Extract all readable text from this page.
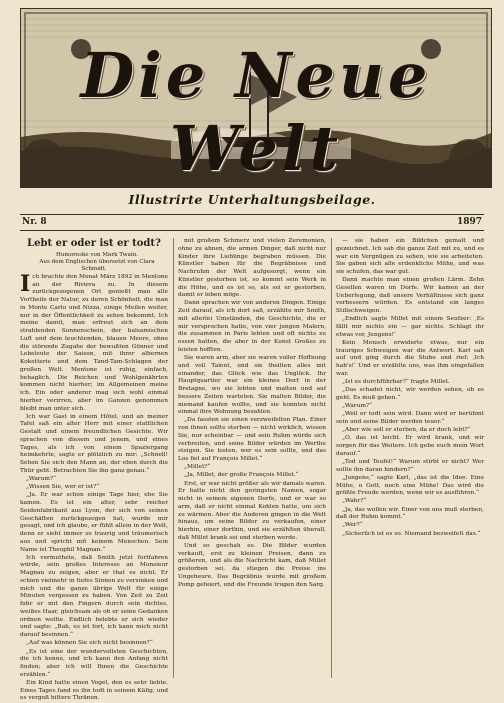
Die Neue Welt
Illustrirte Unterhaltungsbeilage.
Nr. 8	1897
Lebt er oder ist er todt?

Humoreske von Mark Twain.

Aus dem Englischen übersetzt von Clara Schmidt.

Ich brachte den Monat März 1892 in Mentone an der Riviera zu. In diesem zurückgezogenen Ort genießt man alle Vortheile der Natur, zu deren Schönheit, die man in Monte Carlo und Nizza, einige Meilen weiter, nur in der Öffentlichkeit zu sehen bekommt. Ich meine damit, man erfreut sich an dem strahlenden Sonnenschein, der balsamischen Luft und dem leuchtenden, blauen Meere, ohne die störende Zugabe der bewußten Gönner und Lebeleute der Saison, mit ihrer albernen Koketterie und dem Tand-Tam-Schlagen der großen Welt. Mentone ist ruhig, einfach, behaglich. Die Reichen und Wohlgenährten kommen nicht hierher; im Allgemeinen meine ich. Ein oder anderer mag sich wohl einmal hierher verirren, aber im Ganzen genommen bleibt man unter sich.

Ich war Gast in einem Hôtel, und an meiner Tafel saß ein alter Herr mit einer stattlichen Gestalt und einem freundlichen Gesichte. Wir sprachen von diesem und jenem, und eines Tages, als ich von einem Spaziergang heimkehrte, sagte er plötzlich zu mir: „Schnell! Sehen Sie sich den Mann an, der eben durch die Thür geht. Betrachten Sie ihn ganz genau.“

„Warum?“

„Wissen Sie, wer er ist?“

„Ja. Er war schon einige Tage hier, ehe Sie kamen. Es ist ein alter, sehr reicher Seidenfabrikant aus Lyon, der sich von seinen Geschäften zurückgezogen hat, wurde mir gesagt, und ich glaube, er fühlt allein in der Welt, denn er sieht immer so traurig und träumerisch aus und spricht mit keinem Menschen. Sein Name ist Theophil Magnan.“

Ich vermuthete, daß Smith jetzt fortfahren würde, sein großes Interesse an Monsieur Magnan zu zeigen, aber er that es nicht. Er schien vielmehr in tiefes Sinnen zu versinken und mich und die ganze übrige Welt für einige Minuten vergessen zu haben. Von Zeit zu Zeit fuhr er mit den Fingern durch sein dichtes, weißes Haar, gleichsam als ob er seine Gedanken ordnen wollte. Endlich belebte er sich wieder und sagte: „Bah, es ist fort, ich kann mich nicht darauf besinnen.“

„Auf was können Sie sich nicht besinnen?“

„Es ist eine der wundervollsten Geschichten, die ich kenne, und ich kann den Anfang nicht finden; aber ich will Ihnen die Geschichte erzählen.“

Ein Kind hatte einen Vogel, den es sehr liebte. Eines Tages fand es ihn todt in seinem Käfig, und es vergoß bittere Thränen.

mit großem Schmerz und vielen Zeremonien, ohne zu ahnen, die armen Dinger, daß nicht nur Kinder ihre Lieblinge begraben müssen. Die Künstler haben für die Begräbnisse und Nachruhm der Welt aufgesorgt, wenn ein Künstler gestorben ist, so kommt sein Werk in die Höhe, und es ist so, als sei er gestorben, damit er leben möge.

Dann sprachen wir von anderen Dingen. Einige Zeit darauf, als ich dort saß, erzählte mir Smith, mit allerlei Umständen, die Geschichte, die er mir versprochen hatte, von vier jungen Malern, die zusammen in Paris lebten und oft nichts zu essen hatten, die aber in der Kunst Großes zu leisten hofften.

Sie waren arm, aber sie waren voller Hoffnung und voll Talent, und sie theilten alles mit einander, das Glück wie das Unglück. Ihr Hauptquartier war ein kleines Dorf in der Bretagne, wo sie lebten und malten und auf bessere Zeiten warteten. Sie malten Bilder, die niemand kaufen wollte, und sie konnten nicht einmal ihre Wohnung bezahlen.

„Da fassten sie einen verzweifelten Plan. Einer von ihnen sollte sterben — nicht wirklich, wissen Sie, nur scheinbar — und sein Ruhm würde sich verbreiten, und seine Bilder würden im Werthe steigen. Sie losten, wer es sein sollte, und das Los fiel auf François Millet.“

„Millet?“

„Ja, Millet, der große François Millet.“

Erst, er war nicht größer als wir damals waren. Er hatte nicht den geringsten Namen, sogar nicht in seinem eigenen Dorfe, und er war so arm, daß er nicht einmal Kohlen hatte, um sich zu wärmen. Aber die Anderen gingen in die Welt hinaus, um seine Bilder zu verkaufen, einer hierhin, einer dorthin, und sie erzählten überall, daß Millet krank sei und sterben werde.

Und so geschah es. Die Bilder wurden verkauft, erst zu kleinen Preisen, dann zu größeren, und als die Nachricht kam, daß Millet gestorben sei, da stiegen die Preise ins Ungeheure. Das Begräbnis wurde mit großem Pomp gefeiert, und die Freunde trugen den Sarg.

— sie haben ein Bildchen gemalt und gezeichnet. Ich sah die ganze Zeit mit zu, und es war ein Vergnügen zu sehen, wie sie arbeiteten. Sie gaben sich alle erdenkliche Mühe, und was sie schufen, das war gut.

Dann machte man einen großen Lärm. Zehn Gesellen waren im Dorfe. Wir kamen an der Ueberlegung, daß unsere Verhältnisse sich ganz verbessern würden. Es entstand ein langes Stillschweigen.

„Endlich sagte Millet mit einem Seufzer: ‚Es fällt mir nichts ein — gar nichts. Schlagt ihr etwas vor, Jungens!‘

Kein Mensch erwiderte etwas, nur ein trauriges Schweigen war die Antwort. Karl sah auf und ging durch die Stube und rief: ‚Ich hab's!‘ Und er erzählte uns, was ihm eingefallen war.

„Ist es durchführbar?“ fragte Millet.

„Das schadet nicht, wir werden sehen, ob es geht. Es muß gehen.“

„Warum?“

„Weil er todt sein wird. Dann wird er berühmt sein und seine Bilder werden teuer.“

„Aber wie soll er sterben, da er doch lebt?“

„O, das ist leicht. Er wird krank, und wir sorgen für das Weitere. Ich gebe euch mein Wort darauf.“

„Tod und Teufel!“ Warum stirbt er nicht? Wer sollte ihn daran hindern?“

„Jungens,“ sagte Karl, „das ist die Idee. Eine Mühe, o Gott, noch eine Mühe! Das wird die größte Freude werden, wenn wir es ausführen.“

„Wahr?“

„Ja, das wollen wir. Einer von uns muß sterben, daß der Ruhm kommt.“

„Wer?“

„Sicherlich ist es so. Niemand bezweifelt das.“
